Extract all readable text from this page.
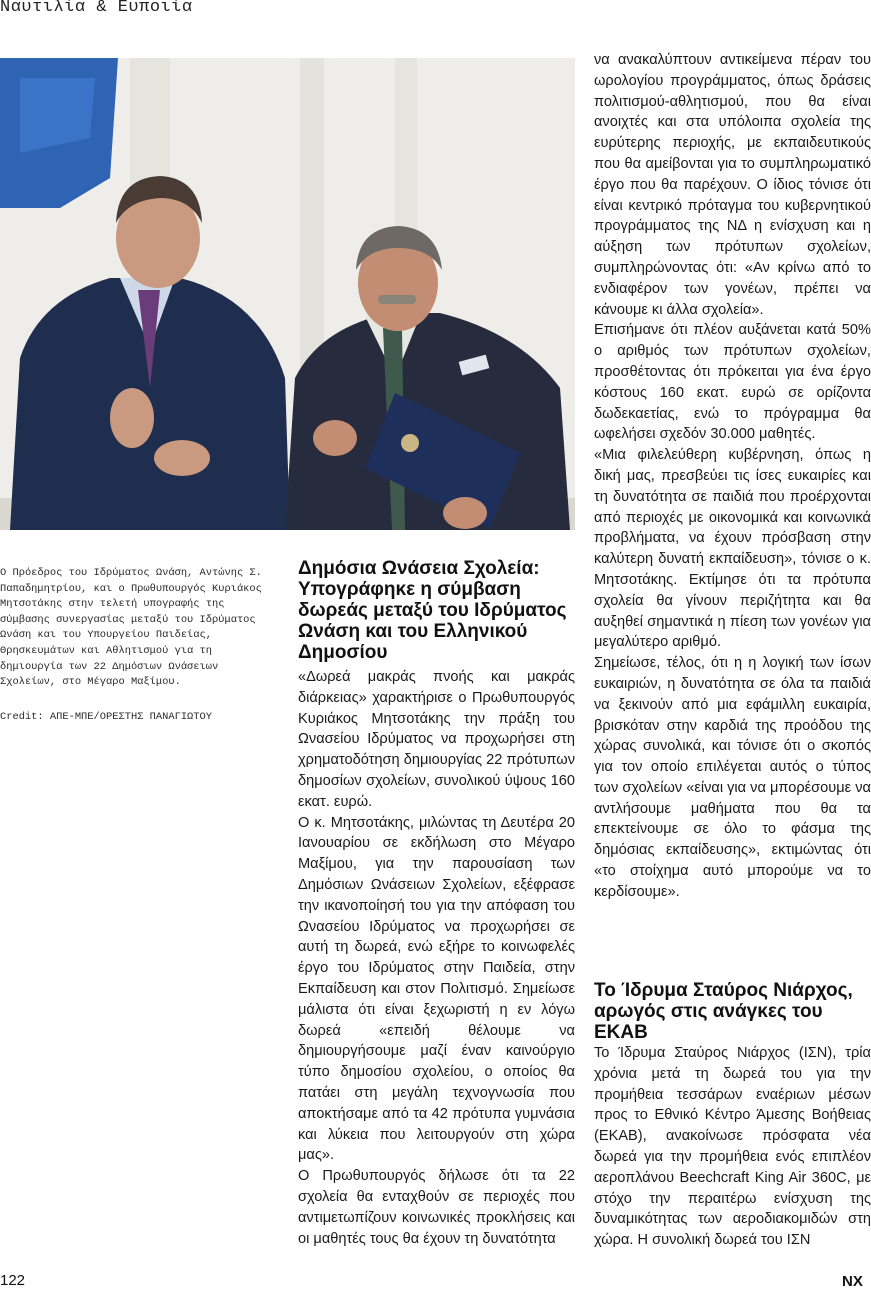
Ναυτιλία & Ευποιία
Ο Πρόεδρος του Ιδρύματος Ωνάση, Αντώνης Σ. Παπαδημητρίου, και ο Πρωθυπουργός Κυριάκος Μητσοτάκης στην τελετή υπογραφής της σύμβασης συνεργασίας μεταξύ του Ιδρύματος Ωνάση και του Υπουργείου Παιδείας, Θρησκευμάτων και Αθλητισμού για τη δημιουργία των 22 Δημόσιων Ωνάσειων Σχολείων, στο Μέγαρο Μαξίμου.
Credit: ΑΠΕ-ΜΠΕ/ΟΡΕΣΤΗΣ ΠΑΝΑΓΙΩΤΟΥ
Δημόσια Ωνάσεια Σχολεία: Υπογράφηκε η σύμβαση δωρεάς μεταξύ του Ιδρύματος Ωνάση και του Ελληνικού Δημοσίου

«Δωρεά μακράς πνοής και μακράς διάρκειας» χαρακτήρισε ο Πρωθυπουργός Κυριάκος Μητσοτάκης την πράξη του Ωνασείου Ιδρύματος να προχωρήσει στη χρηματοδότηση δημιουργίας 22 πρότυπων δημοσίων σχολείων, συνολικού ύψους 160 εκατ. ευρώ.

Ο κ. Μητσοτάκης, μιλώντας τη Δευτέρα 20 Ιανουαρίου σε εκδήλωση στο Μέγαρο Μαξίμου, για την παρουσίαση των Δημόσιων Ωνάσειων Σχολείων, εξέφρασε την ικανοποίησή του για την απόφαση του Ωνασείου Ιδρύματος να προχωρήσει σε αυτή τη δωρεά, ενώ εξήρε το κοινωφελές έργο του Ιδρύματος στην Παιδεία, στην Εκπαίδευση και στον Πολιτισμό. Σημείωσε μάλιστα ότι είναι ξεχωριστή η εν λόγω δωρεά «επειδή θέλουμε να δημιουργήσουμε μαζί έναν καινούργιο τύπο δημοσίου σχολείου, ο οποίος θα πατάει στη μεγάλη τεχνογνωσία που αποκτήσαμε από τα 42 πρότυπα γυμνάσια και λύκεια που λειτουργούν στη χώρα μας».

Ο Πρωθυπουργός δήλωσε ότι τα 22 σχολεία θα ενταχθούν σε περιοχές που αντιμετωπίζουν κοινωνικές προκλήσεις και οι μαθητές τους θα έχουν τη δυνατότητα

να ανακαλύπτουν αντικείμενα πέραν του ωρολογίου προγράμματος, όπως δράσεις πολιτισμού-αθλητισμού, που θα είναι ανοιχτές και στα υπόλοιπα σχολεία της ευρύτερης περιοχής, με εκπαιδευτικούς που θα αμείβονται για το συμπληρωματικό έργο που θα παρέχουν. Ο ίδιος τόνισε ότι είναι κεντρικό πρόταγμα του κυβερνητικού προγράμματος της ΝΔ η ενίσχυση και η αύξηση των πρότυπων σχολείων, συμπληρώνοντας ότι: «Αν κρίνω από το ενδιαφέρον των γονέων, πρέπει να κάνουμε κι άλλα σχολεία».

Επισήμανε ότι πλέον αυξάνεται κατά 50% ο αριθμός των πρότυπων σχολείων, προσθέτοντας ότι πρόκειται για ένα έργο κόστους 160 εκατ. ευρώ σε ορίζοντα δωδεκαετίας, ενώ το πρόγραμμα θα ωφελήσει σχεδόν 30.000 μαθητές.

«Μια φιλελεύθερη κυβέρνηση, όπως η δική μας, πρεσβεύει τις ίσες ευκαιρίες και τη δυνατότητα σε παιδιά που προέρχονται από περιοχές με οικονομικά και κοινωνικά προβλήματα, να έχουν πρόσβαση στην καλύτερη δυνατή εκπαίδευση», τόνισε ο κ. Μητσοτάκης. Εκτίμησε ότι τα πρότυπα σχολεία θα γίνουν περιζήτητα και θα αυξηθεί σημαντικά η πίεση των γονέων για μεγαλύτερο αριθμό.

Σημείωσε, τέλος, ότι η η λογική των ίσων ευκαιριών, η δυνατότητα σε όλα τα παιδιά να ξεκινούν από μια εφάμιλλη ευκαιρία, βρισκόταν στην καρδιά της προόδου της χώρας συνολικά, και τόνισε ότι ο σκοπός για τον οποίο επιλέγεται αυτός ο τύπος των σχολείων «είναι για να μπορέσουμε να αντλήσουμε μαθήματα που θα τα επεκτείνουμε σε όλο το φάσμα της δημόσιας εκπαίδευσης», εκτιμώντας ότι «το στοίχημα αυτό μπορούμε να το κερδίσουμε».

Το Ίδρυμα Σταύρος Νιάρχος, αρωγός στις ανάγκες του ΕΚΑΒ

Το Ίδρυμα Σταύρος Νιάρχος (ΙΣΝ), τρία χρόνια μετά τη δωρεά του για την προμήθεια τεσσάρων εναέριων μέσων προς το Εθνικό Κέντρο Άμεσης Βοήθειας (ΕΚΑΒ), ανακοίνωσε πρόσφατα νέα δωρεά για την προμήθεια ενός επιπλέον αεροπλάνου Beechcraft King Air 360C, με στόχο την περαιτέρω ενίσχυση της δυναμικότητας των αεροδιακομιδών στη χώρα. Η συνολική δωρεά του ΙΣΝ

122	NX
